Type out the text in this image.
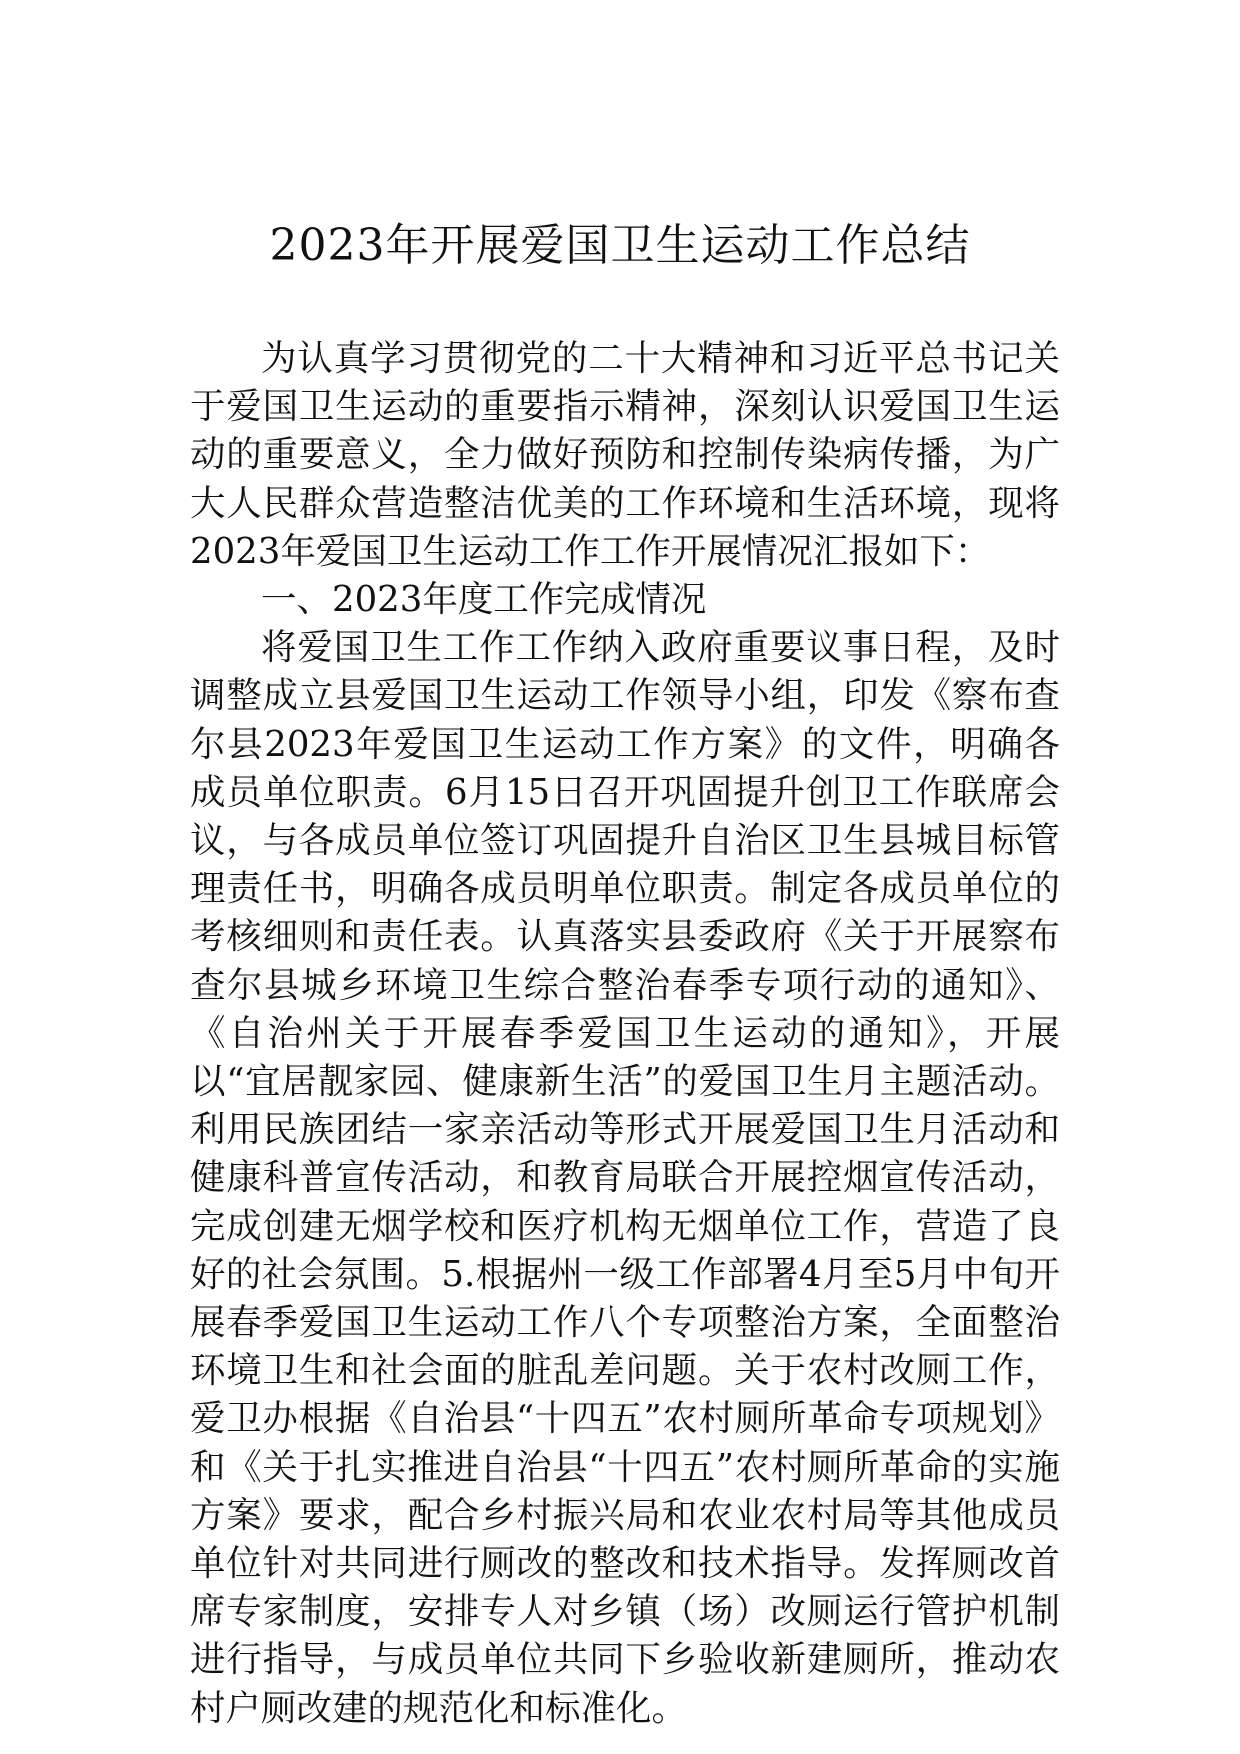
2023年开展爱国卫生运动工作总结

为认真学习贯彻党的二十大精神和习近平总书记关于爱国卫生运动的重要指示精神，深刻认识爱国卫生运动的重要意义，全力做好预防和控制传染病传播，为广大人民群众营造整洁优美的工作环境和生活环境，现将2023年爱国卫生运动工作工作开展情况汇报如下：

一、2023年度工作完成情况

将爱国卫生工作工作纳入政府重要议事日程，及时调整成立县爱国卫生运动工作领导小组，印发《察布查尔县2023年爱国卫生运动工作方案》的文件，明确各成员单位职责。6月15日召开巩固提升创卫工作联席会议，与各成员单位签订巩固提升自治区卫生县城目标管理责任书，明确各成员明单位职责。制定各成员单位的考核细则和责任表。认真落实县委政府《关于开展察布查尔县城乡环境卫生综合整治春季专项行动的通知》、《自治州关于开展春季爱国卫生运动的通知》，开展以“宜居靓家园、健康新生活”的爱国卫生月主题活动。利用民族团结一家亲活动等形式开展爱国卫生月活动和健康科普宣传活动，和教育局联合开展控烟宣传活动，完成创建无烟学校和医疗机构无烟单位工作，营造了良好的社会氛围。5.根据州一级工作部署4月至5月中旬开展春季爱国卫生运动工作八个专项整治方案，全面整治环境卫生和社会面的脏乱差问题。关于农村改厕工作，爱卫办根据《自治县“十四五”农村厕所革命专项规划》和《关于扎实推进自治县“十四五”农村厕所革命的实施方案》要求，配合乡村振兴局和农业农村局等其他成员单位针对共同进行厕改的整改和技术指导。发挥厕改首席专家制度，安排专人对乡镇（场）改厕运行管护机制进行指导，与成员单位共同下乡验收新建厕所，推动农村户厕改建的规范化和标准化。
